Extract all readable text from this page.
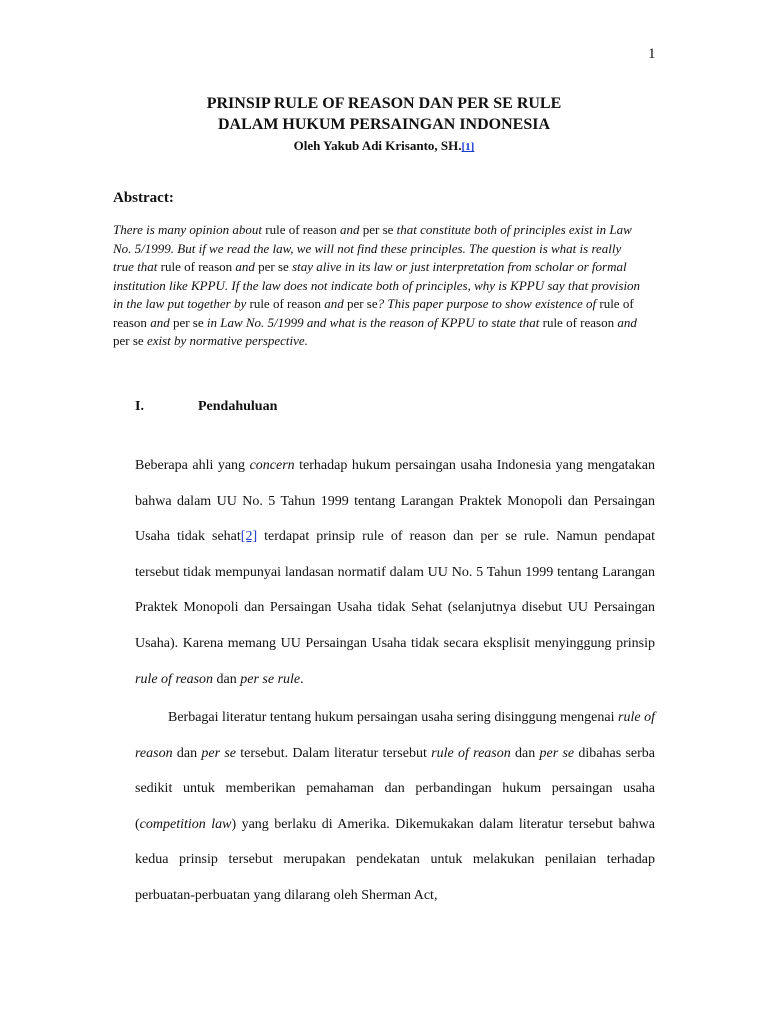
1
PRINSIP RULE OF REASON DAN PER SE RULE
DALAM HUKUM PERSAINGAN INDONESIA
Oleh Yakub Adi Krisanto, SH.[1]
Abstract:

There is many opinion about rule of reason and per se that constitute both of principles exist in Law No. 5/1999. But if we read the law, we will not find these principles. The question is what is really true that rule of reason and per se stay alive in its law or just interpretation from scholar or formal institution like KPPU. If the law does not indicate both of principles, why is KPPU say that provision in the law put together by rule of reason and per se? This paper purpose to show existence of rule of reason and per se in Law No. 5/1999 and what is the reason of KPPU to state that rule of reason and per se exist by normative perspective.

I.	Pendahuluan

Beberapa ahli yang concern terhadap hukum persaingan usaha Indonesia yang mengatakan bahwa dalam UU No. 5 Tahun 1999 tentang Larangan Praktek Monopoli dan Persaingan Usaha tidak sehat[2] terdapat prinsip rule of reason dan per se rule. Namun pendapat tersebut tidak mempunyai landasan normatif dalam UU No. 5 Tahun 1999 tentang Larangan Praktek Monopoli dan Persaingan Usaha tidak Sehat (selanjutnya disebut UU Persaingan Usaha). Karena memang UU Persaingan Usaha tidak secara eksplisit menyinggung prinsip rule of reason dan per se rule.

Berbagai literatur tentang hukum persaingan usaha sering disinggung mengenai rule of reason dan per se tersebut. Dalam literatur tersebut rule of reason dan per se dibahas serba sedikit untuk memberikan pemahaman dan perbandingan hukum persaingan usaha (competition law) yang berlaku di Amerika. Dikemukakan dalam literatur tersebut bahwa kedua prinsip tersebut merupakan pendekatan untuk melakukan penilaian terhadap perbuatan-perbuatan yang dilarang oleh Sherman Act,
